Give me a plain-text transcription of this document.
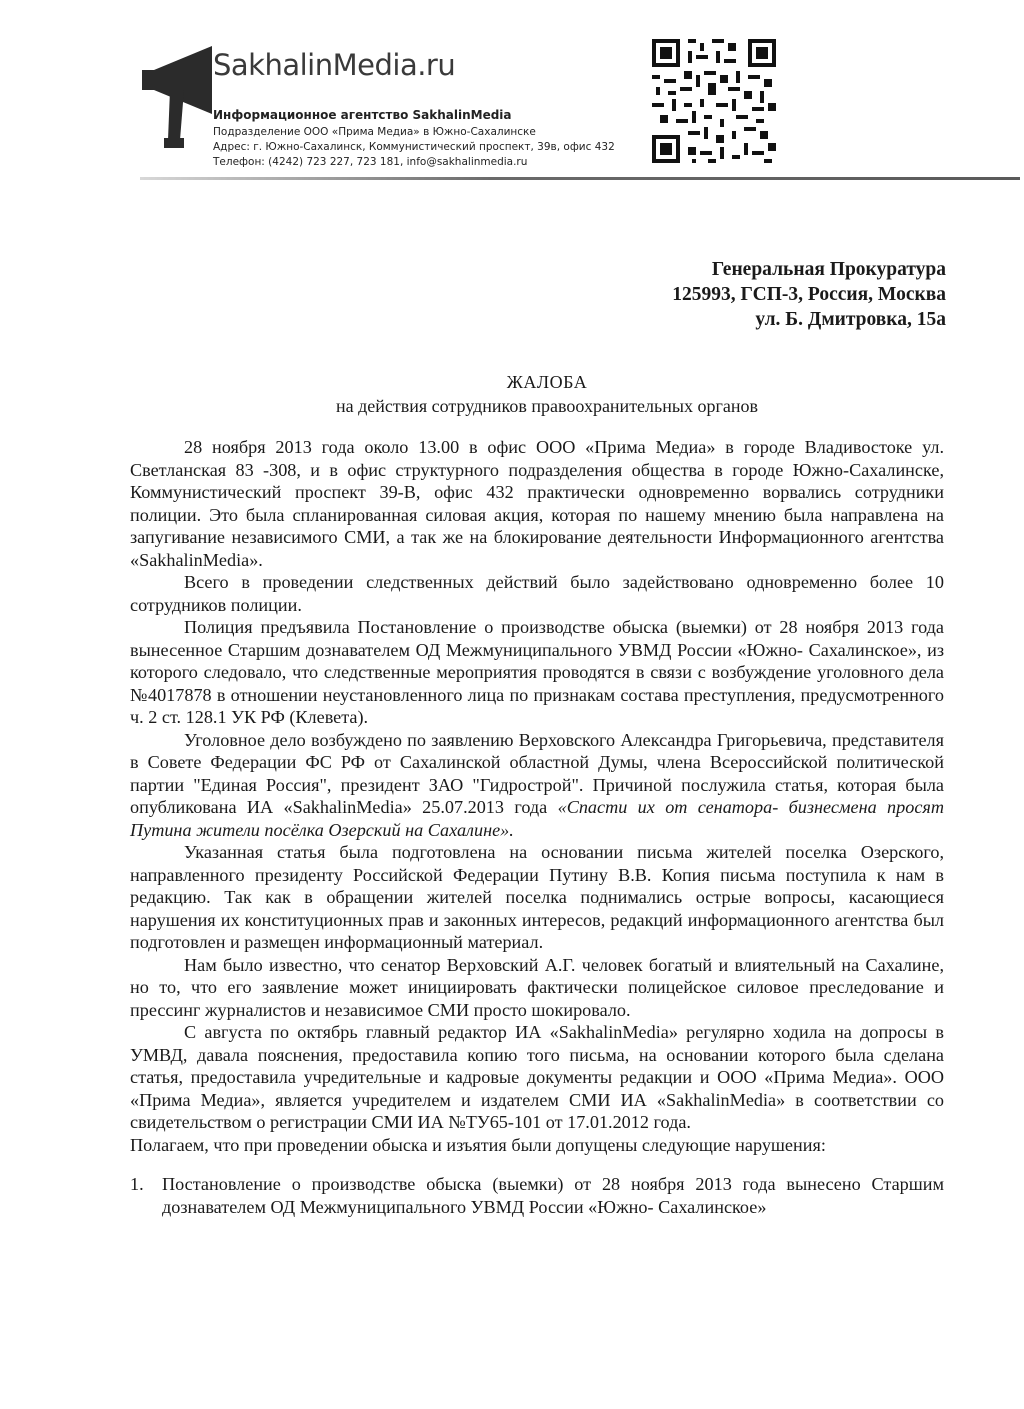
SakhalinMedia.ru
Информационное агентство SakhalinMedia
Подразделение ООО «Прима Медиа» в Южно-Сахалинске
Адрес: г. Южно-Сахалинск, Коммунистический проспект, 39в, офис 432
Телефон: (4242) 723 227, 723 181, info@sakhalinmedia.ru
Генеральная Прокуратура
125993, ГСП-3, Россия, Москва
ул. Б. Дмитровка, 15а
ЖАЛОБА
на действия сотрудников правоохранительных органов

28 ноября 2013 года около 13.00 в офис ООО «Прима Медиа» в городе Владивостоке ул. Светланская 83 -308, и в офис структурного подразделения общества в городе Южно-Сахалинске, Коммунистический проспект 39-В, офис 432 практически одновременно ворвались сотрудники полиции. Это была спланированная силовая акция, которая по нашему мнению была направлена на запугивание независимого СМИ, а так же на блокирование деятельности Информационного агентства «SakhalinMedia».

Всего в проведении следственных действий было задействовано одновременно более 10 сотрудников полиции.

Полиция предъявила Постановление о производстве обыска (выемки) от 28 ноября 2013 года вынесенное Старшим дознавателем ОД Межмуниципального УВМД России «Южно- Сахалинское», из которого следовало, что следственные мероприятия проводятся в связи с возбуждение уголовного дела №4017878 в отношении неустановленного лица по признакам состава преступления, предусмотренного ч. 2 ст. 128.1 УК РФ (Клевета).

Уголовное дело возбуждено по заявлению Верховского Александра Григорьевича, представителя в Совете Федерации ФС РФ от Сахалинской областной Думы, члена Всероссийской политической партии "Единая Россия", президент ЗАО "Гидрострой". Причиной послужила статья, которая была опубликована ИА «SakhalinMedia» 25.07.2013 года «Спасти их от сенатора- бизнесмена просят Путина жители посёлка Озерский на Сахалине».

Указанная статья была подготовлена на основании письма жителей поселка Озерского, направленного президенту Российской Федерации Путину В.В. Копия письма поступила к нам в редакцию. Так как в обращении жителей поселка поднимались острые вопросы, касающиеся нарушения их конституционных прав и законных интересов, редакций информационного агентства был подготовлен и размещен информационный материал.

Нам было известно, что сенатор Верховский А.Г. человек богатый и влиятельный на Сахалине, но то, что его заявление может инициировать фактически полицейское силовое преследование и прессинг журналистов и независимое СМИ просто шокировало.

С августа по октябрь главный редактор ИА «SakhalinMedia» регулярно ходила на допросы в УМВД, давала пояснения, предоставила копию того письма, на основании которого была сделана статья, предоставила учредительные и кадровые документы редакции и ООО «Прима Медиа». ООО «Прима Медиа», является учредителем и издателем СМИ ИА «SakhalinMedia» в соответствии со свидетельством о регистрации СМИ ИА №ТУ65-101 от 17.01.2012 года.

Полагаем, что при проведении обыска и изъятия были допущены следующие нарушения:

1. Постановление о производстве обыска (выемки) от 28 ноября 2013 года вынесено Старшим дознавателем ОД Межмуниципального УВМД России «Южно- Сахалинское»
